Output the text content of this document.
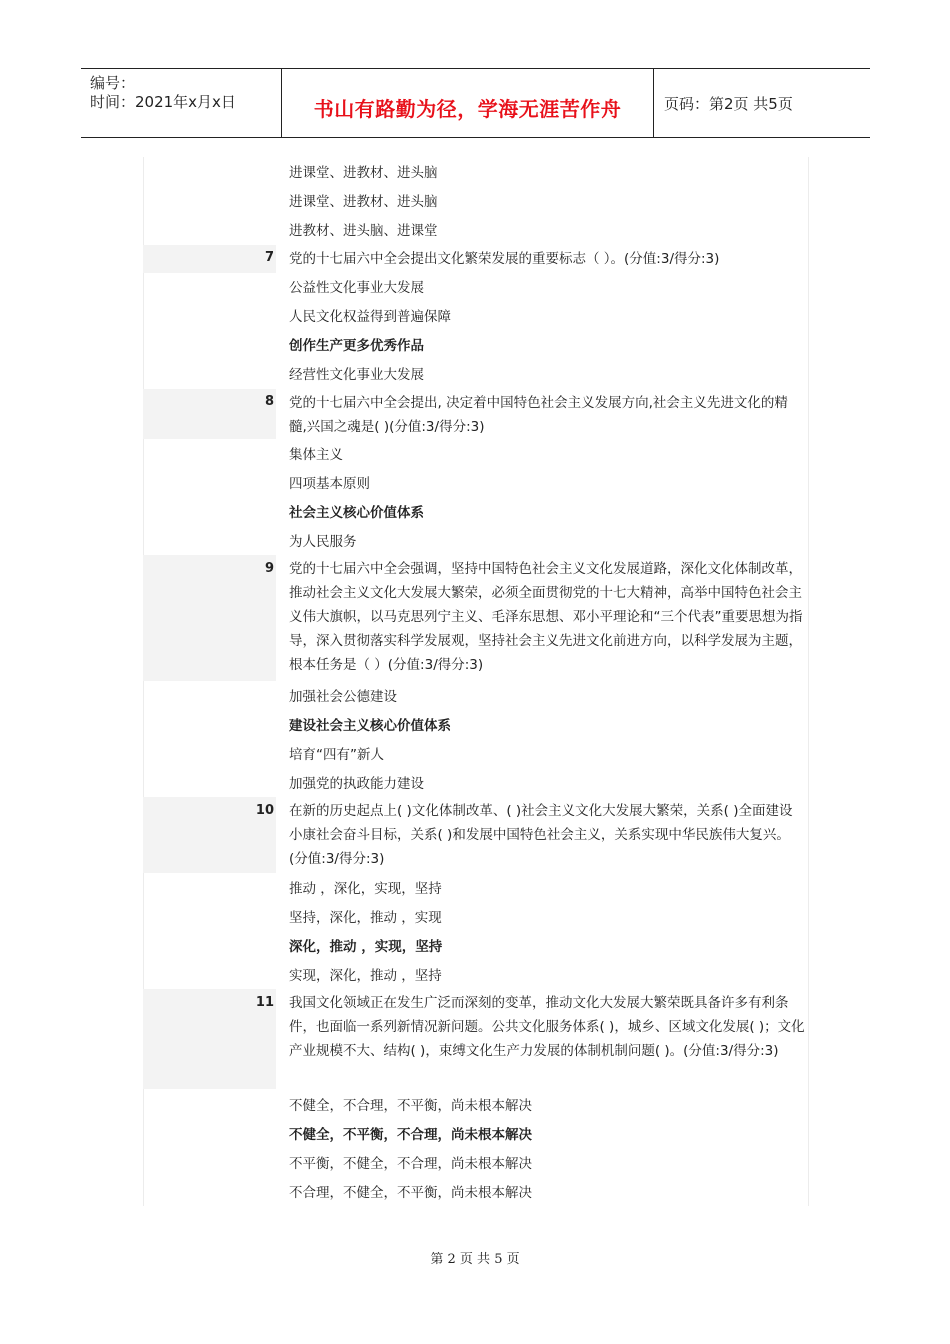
编号：
时间：2021年x月x日	书山有路勤为径，学海无涯苦作舟	页码：第2页 共5页
进课堂、进教材、进头脑
进课堂、进教材、进头脑
进教材、进头脑、进课堂
7 党的十七届六中全会提出文化繁荣发展的重要标志（ ）。(分值:3/得分:3)
公益性文化事业大发展
人民文化权益得到普遍保障
创作生产更多优秀作品
经营性文化事业大发展
8 党的十七届六中全会提出, 决定着中国特色社会主义发展方向,社会主义先进文化的精髓,兴国之魂是( )(分值:3/得分:3)
集体主义
四项基本原则
社会主义核心价值体系
为人民服务
9 党的十七届六中全会强调，坚持中国特色社会主义文化发展道路，深化文化体制改革，推动社会主义文化大发展大繁荣，必须全面贯彻党的十七大精神，高举中国特色社会主义伟大旗帜，以马克思列宁主义、毛泽东思想、邓小平理论和“三个代表”重要思想为指导，深入贯彻落实科学发展观，坚持社会主义先进文化前进方向，以科学发展为主题，根本任务是（ ）(分值:3/得分:3)
加强社会公德建设
建设社会主义核心价值体系
培育“四有”新人
加强党的执政能力建设
10 在新的历史起点上( )文化体制改革、( )社会主义文化大发展大繁荣，关系( )全面建设小康社会奋斗目标，关系( )和发展中国特色社会主义，关系实现中华民族伟大复兴。(分值:3/得分:3)
推动 ，深化，实现，坚持
坚持，深化，推动 ，实现
深化，推动 ，实现，坚持
实现，深化，推动 ，坚持
11 我国文化领域正在发生广泛而深刻的变革，推动文化大发展大繁荣既具备许多有利条件，也面临一系列新情况新问题。公共文化服务体系( )，城乡、区域文化发展( )；文化产业规模不大、结构( )，束缚文化生产力发展的体制机制问题( )。(分值:3/得分:3)
不健全，不合理，不平衡，尚未根本解决
不健全，不平衡，不合理，尚未根本解决
不平衡，不健全，不合理，尚未根本解决
不合理，不健全，不平衡，尚未根本解决
第 2 页 共 5 页
